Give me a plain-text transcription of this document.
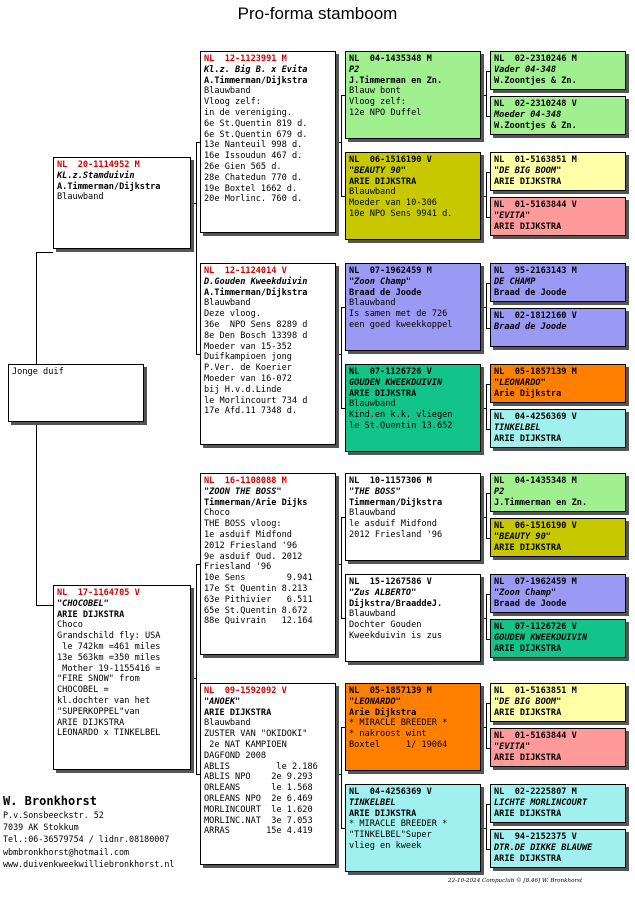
Pro-forma stamboom
Jonge duif
NL  20-1114952 M
KL.z.Stamduivin
A.Timmerman/Dijkstra
Blauwband
NL  17-1164705 V
"CHOCOBEL"
ARIE DIJKSTRA
Choco
Grandschild fly: USA
le 742km =461 miles
13e 563km =350 miles
Mother 19-1155416 =
"FIRE SNOW" from
CHOCOBEL =
kl.dochter van het
"SUPERKOPPEL"van
ARIE DIJKSTRA
LEONARDO x TINKELBEL
NL  12-1123991 M
Kl.z. Big B. x Evita
A.Timmerman/Dijkstra
Blauwband
Vloog zelf:
in de vereniging.
6e St.Quentin 819 d.
6e St.Quentin 679 d.
13e Nanteuil 998 d.
16e Issoudun 467 d.
26e Gien 565 d.
28e Chatedun 770 d.
19e Boxtel 1662 d.
20e Morlinc. 760 d.
NL  12-1124014 V
D.Gouden Kweekduivin
A.Timmerman/Dijkstra
Blauwband
Deze vloog.
36e  NPO Sens 8289 d
8e Den Bosch 13398 d
Moeder van 15-352
Duifkampioen jong
P.Ver. de Koerier
Moeder van 16-072
bij H.v.d.Linde
le Morlincourt 734 d
17e Afd.11 7348 d.
NL  16-1108088 M
"ZOON THE BOSS"
Timmerman/Arie Dijks
Choco
THE BOSS vloog:
1e asduif Midfond
2012 Friesland '96
9e asduif Oud. 2012
Friesland '96
10e Sens        9.941
17e St Quentin 8.213
63e Pithivier   6.511
65e St.Quentin 8.672
88e Quivrain   12.164
NL  09-1592092 V
"ANOEK"
ARIE DIJKSTRA
Blauwband
ZUSTER VAN "OKIDOKI"
2e NAT KAMPIOEN
DAGFOND 2008
ABLIS         le 2.186
ABLIS NPO    2e 9.293
ORLEANS      le 1.568
ORLEANS NPO  2e 6.469
MORLINCOURT  le 1.620
MORLINC.NAT  3e 7.053
ARRAS       15e 4.419
NL  04-1435348 M
P2
J.Timmerman en Zn.
Blauw bont
Vloog zelf:
12e NPO Duffel
NL  06-1516190 V
"BEAUTY 90"
ARIE DIJKSTRA
Blauwband
Moeder van 10-306
10e NPO Sens 9941 d.
NL  07-1962459 M
"Zoon Champ"
Braad de Joode
Blauwband
Is samen met de 726
een goed kweekkoppel
NL  07-1126726 V
GOUDEN KWEEKDUIVIN
ARIE DIJKSTRA
Blauwband
Kind.en k.k. vliegen
le St.Quentin 13.652
NL  10-1157306 M
"THE BOSS"
Timmerman/Dijkstra
Blauwband
le asduif Midfond
2012 Friesland '96
NL  15-1267586 V
"Zus ALBERTO"
Dijkstra/BraaddeJ.
Blauwband
Dochter Gouden
Kweekduivin is zus
NL  05-1857139 M
"LEONARDO"
Arie Dijkstra
* MIRACLE BREEDER *
* nakroost wint
Boxtel     1/ 19064
NL  04-4256369 V
TINKELBEL
ARIE DIJKSTRA
* MIRACLE BREEDER *
"TINKELBEL"Super
vlieg en kweek
NL  02-2310246 M
Vader 04-348
W.Zoontjes & Zn.
NL  02-2310248 V
Moeder 04-348
W.Zoontjes & Zn.
NL  01-5163851 M
"DE BIG BOOM"
ARIE DIJKSTRA
NL  01-5163844 V
"EVITA"
ARIE DIJKSTRA
NL  95-2163143 M
DE CHAMP
Braad de Joode
NL  02-1812160 V
Braad de Joode
NL  05-1857139 M
"LEONARDO"
Arie Dijkstra
NL  04-4256369 V
TINKELBEL
ARIE DIJKSTRA
NL  04-1435348 M
P2
J.Timmerman en Zn.
NL  06-1516190 V
"BEAUTY 90"
ARIE DIJKSTRA
NL  07-1962459 M
"Zoon Champ"
Braad de Joode
NL  07-1126726 V
GOUDEN KWEEKDUIVIN
ARIE DIJKSTRA
NL  01-5163851 M
"DE BIG BOOM"
ARIE DIJKSTRA
NL  01-5163844 V
"EVITA"
ARIE DIJKSTRA
NL  02-2225807 M
LICHTE MORLINCOURT
ARIE DIJKSTRA
NL  94-2152375 V
DTR.DE DIKKE BLAUWE
ARIE DIJKSTRA
W. Bronkhorst
P.v.Sonsbeeckstr. 52
7039 AK Stokkum
Tel.:06-36579754 / lidnr.08180007
wbmbronkhorst@hotmail.com
www.duivenkweekwilliebronkhorst.nl
22-10-2024 Compuclub © [8.46] W. Bronkhorst
